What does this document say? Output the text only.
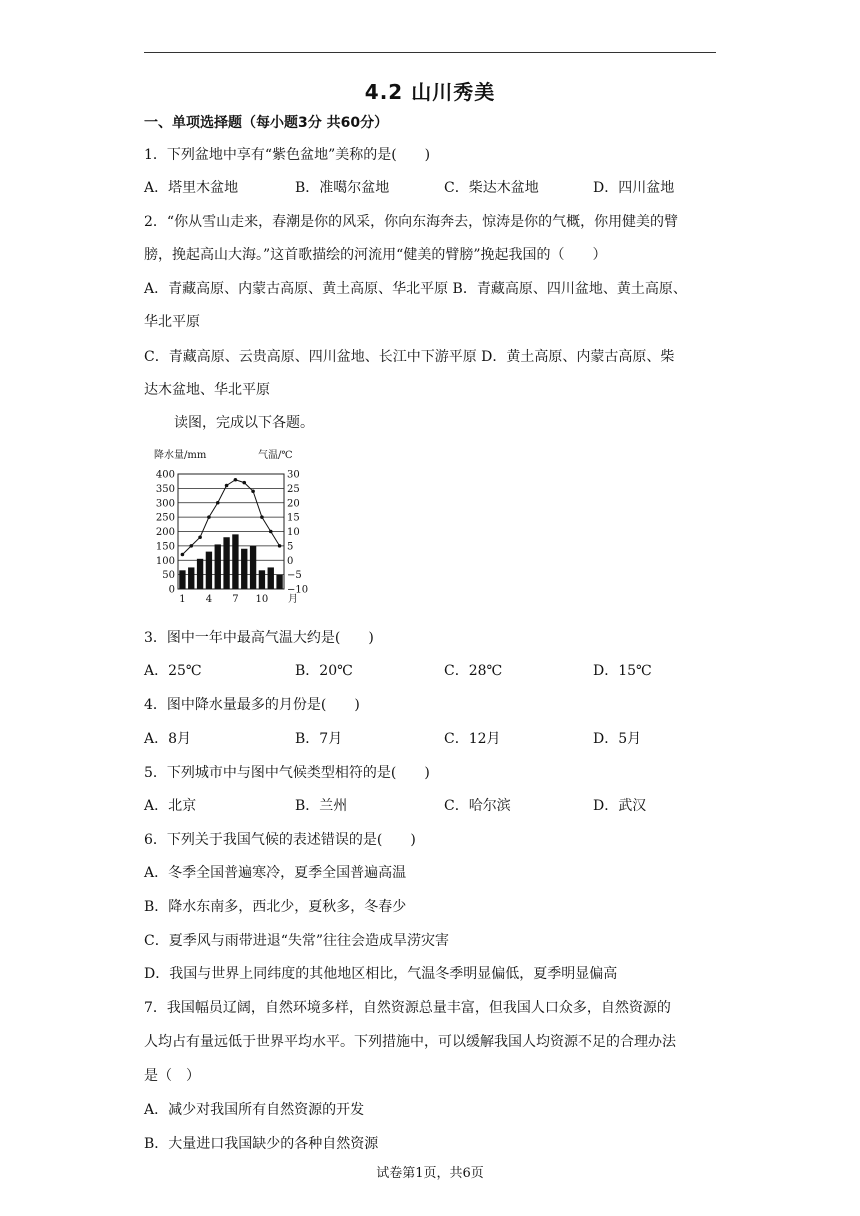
4.2 山川秀美
一、单项选择题（每小题3分 共60分）
1．下列盆地中享有“紫色盆地”美称的是(　　)
A．塔里木盆地	B．准噶尔盆地	C．柴达木盆地	D．四川盆地
2．“你从雪山走来，春潮是你的风采，你向东海奔去，惊涛是你的气概，你用健美的臂
膀，挽起高山大海。”这首歌描绘的河流用“健美的臂膀”挽起我国的（　　）
A．青藏高原、内蒙古高原、黄土高原、华北平原 B．青藏高原、四川盆地、黄土高原、
华北平原
C．青藏高原、云贵高原、四川盆地、长江中下游平原 D．黄土高原、内蒙古高原、柴
达木盆地、华北平原
读图，完成以下各题。
降水量/mm	气温/℃
400	30
350	25
300	20
250	15
200	10
150	5
100	0
50	−5
0	−10
1 4 7 10 月
3．图中一年中最高气温大约是(　　)
A．25℃	B．20℃	C．28℃	D．15℃
4．图中降水量最多的月份是(　　)
A．8月	B．7月	C．12月	D．5月
5．下列城市中与图中气候类型相符的是(　　)
A．北京	B．兰州	C．哈尔滨	D．武汉
6．下列关于我国气候的表述错误的是(　　)
A．冬季全国普遍寒冷，夏季全国普遍高温
B．降水东南多，西北少，夏秋多，冬春少
C．夏季风与雨带进退“失常”往往会造成旱涝灾害
D．我国与世界上同纬度的其他地区相比，气温冬季明显偏低，夏季明显偏高
7．我国幅员辽阔，自然环境多样，自然资源总量丰富，但我国人口众多，自然资源的
人均占有量远低于世界平均水平。下列措施中，可以缓解我国人均资源不足的合理办法
是（　）
A．减少对我国所有自然资源的开发
B．大量进口我国缺少的各种自然资源
试卷第1页，共6页
